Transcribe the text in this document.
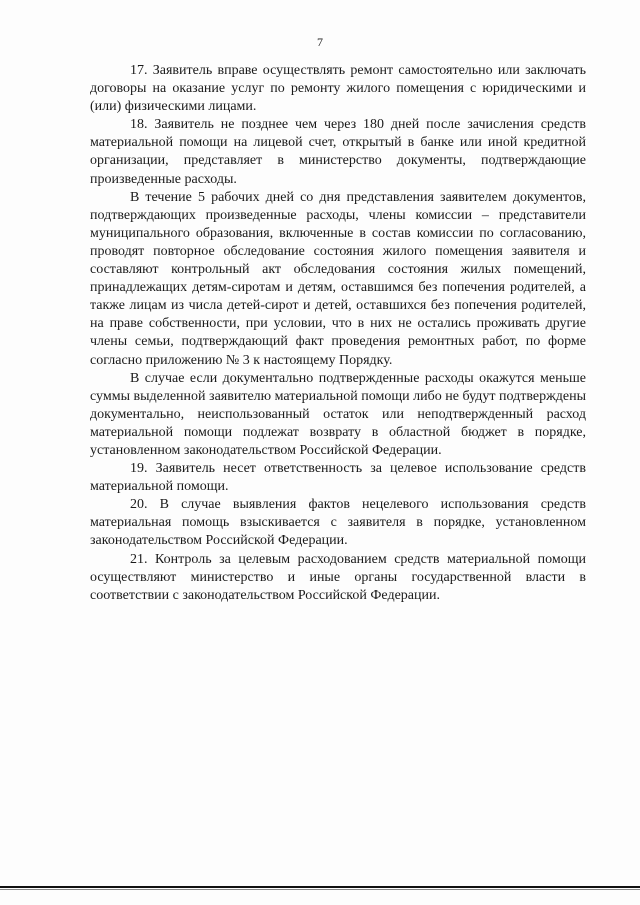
7

17. Заявитель вправе осуществлять ремонт самостоятельно или заключать договоры на оказание услуг по ремонту жилого помещения с юридическими и (или) физическими лицами.

18. Заявитель не позднее чем через 180 дней после зачисления средств материальной помощи на лицевой счет, открытый в банке или иной кредитной организации, представляет в министерство документы, подтверждающие произведенные расходы.

В течение 5 рабочих дней со дня представления заявителем документов, подтверждающих произведенные расходы, члены комиссии – представители муниципального образования, включенные в состав комиссии по согласованию, проводят повторное обследование состояния жилого помещения заявителя и составляют контрольный акт обследования состояния жилых помещений, принадлежащих детям-сиротам и детям, оставшимся без попечения родителей, а также лицам из числа детей-сирот и детей, оставшихся без попечения родителей, на праве собственности, при условии, что в них не остались проживать другие члены семьи, подтверждающий факт проведения ремонтных работ, по форме согласно приложению № 3 к настоящему Порядку.

В случае если документально подтвержденные расходы окажутся меньше суммы выделенной заявителю материальной помощи либо не будут подтверждены документально, неиспользованный остаток или неподтвержденный расход материальной помощи подлежат возврату в областной бюджет в порядке, установленном законодательством Российской Федерации.

19. Заявитель несет ответственность за целевое использование средств материальной помощи.

20. В случае выявления фактов нецелевого использования средств материальная помощь взыскивается с заявителя в порядке, установленном законодательством Российской Федерации.

21. Контроль за целевым расходованием средств материальной помощи осуществляют министерство и иные органы государственной власти в соответствии с законодательством Российской Федерации.
